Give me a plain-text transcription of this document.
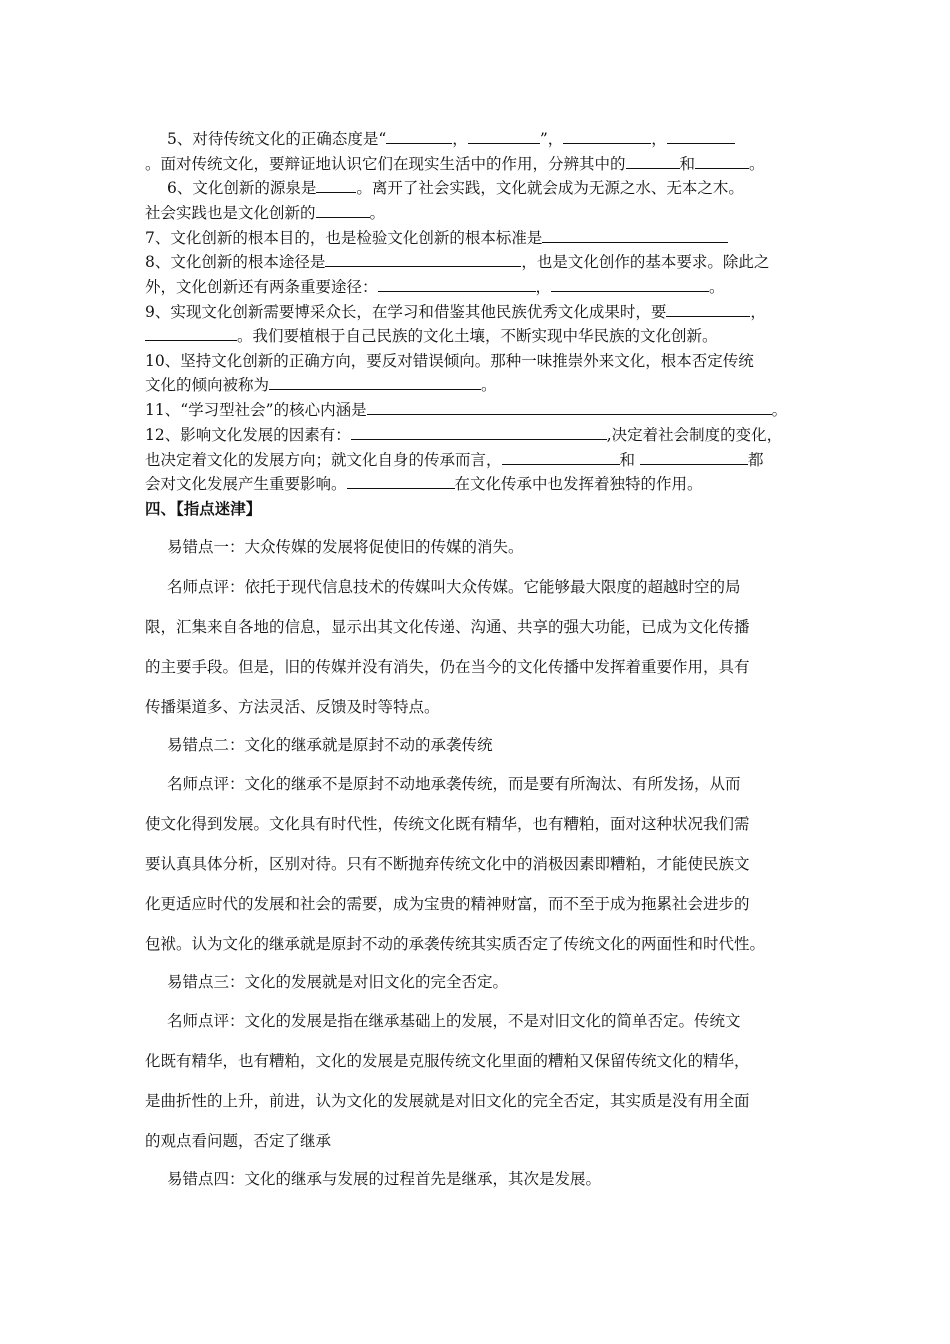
5、对待传统文化的正确态度是“	，	”，	，
。面对传统文化，要辩证地认识它们在现实生活中的作用，分辨其中的	和	。
6、文化创新的源泉是	。离开了社会实践，文化就会成为无源之水、无本之木。
社会实践也是文化创新的	。
7、文化创新的根本目的，也是检验文化创新的根本标准是
8、文化创新的根本途径是	，也是文化创作的基本要求。除此之
外，文化创新还有两条重要途径：	，	。
9、实现文化创新需要博采众长，在学习和借鉴其他民族优秀文化成果时，要	，
。我们要植根于自己民族的文化土壤，不断实现中华民族的文化创新。
10、坚持文化创新的正确方向，要反对错误倾向。那种一味推崇外来文化，根本否定传统
文化的倾向被称为	。
11、“学习型社会”的核心内涵是	。
12、影响文化发展的因素有：	,决定着社会制度的变化，
也决定着文化的发展方向；就文化自身的传承而言，	和	都
会对文化发展产生重要影响。	在文化传承中也发挥着独特的作用。
四、【指点迷津】
易错点一：大众传媒的发展将促使旧的传媒的消失。
名师点评：依托于现代信息技术的传媒叫大众传媒。它能够最大限度的超越时空的局
限，汇集来自各地的信息，显示出其文化传递、沟通、共享的强大功能，已成为文化传播
的主要手段。但是，旧的传媒并没有消失，仍在当今的文化传播中发挥着重要作用，具有
传播渠道多、方法灵活、反馈及时等特点。
易错点二：文化的继承就是原封不动的承袭传统
名师点评：文化的继承不是原封不动地承袭传统，而是要有所淘汰、有所发扬，从而
使文化得到发展。文化具有时代性，传统文化既有精华，也有糟粕，面对这种状况我们需
要认真具体分析，区别对待。只有不断抛弃传统文化中的消极因素即糟粕，才能使民族文
化更适应时代的发展和社会的需要，成为宝贵的精神财富，而不至于成为拖累社会进步的
包袱。认为文化的继承就是原封不动的承袭传统其实质否定了传统文化的两面性和时代性。
易错点三：文化的发展就是对旧文化的完全否定。
名师点评：文化的发展是指在继承基础上的发展，不是对旧文化的简单否定。传统文
化既有精华，也有糟粕，文化的发展是克服传统文化里面的糟粕又保留传统文化的精华，
是曲折性的上升，前进，认为文化的发展就是对旧文化的完全否定，其实质是没有用全面
的观点看问题，否定了继承
易错点四：文化的继承与发展的过程首先是继承，其次是发展。
